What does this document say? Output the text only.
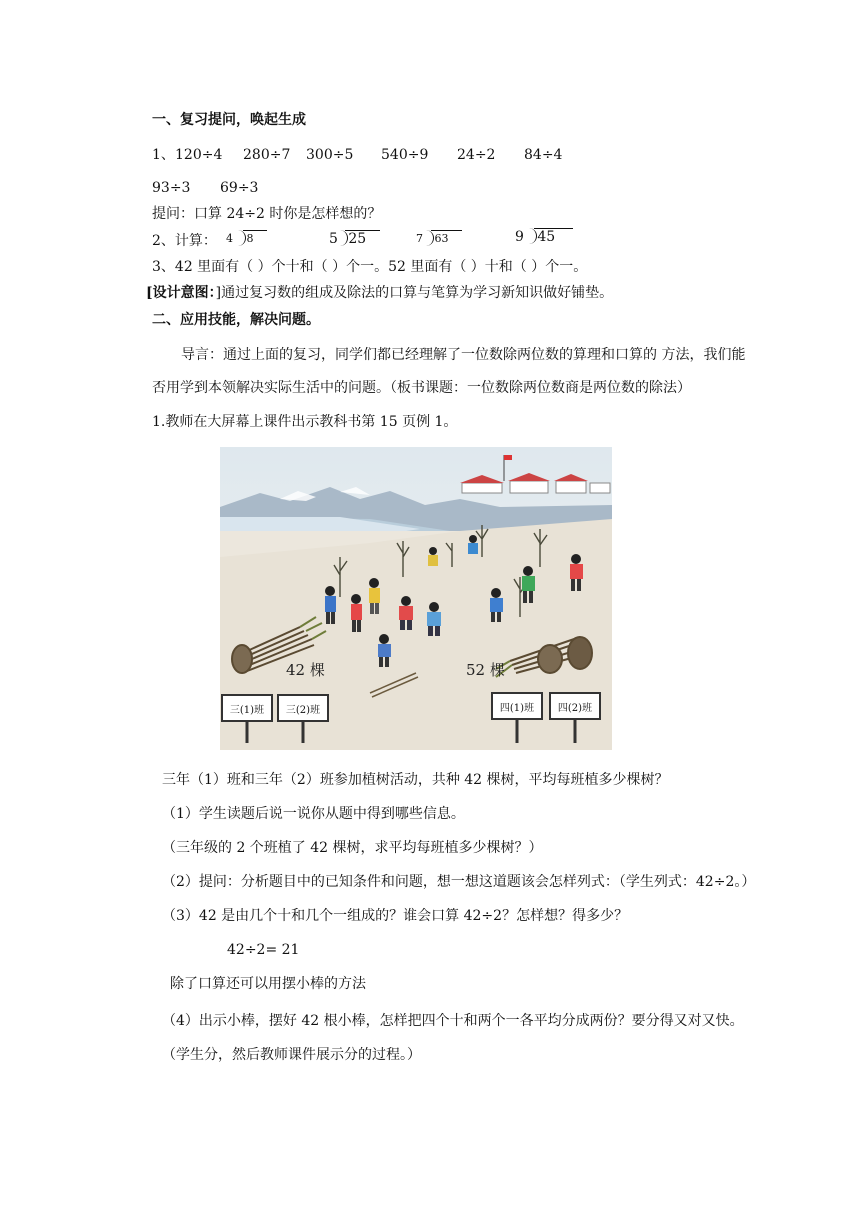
一、复习提问，唤起生成
1、 120÷4 280÷7 300÷5 540÷9 24÷2 84÷4
93÷3 69÷3
提问：口算 24÷2 时你是怎样想的？
2、计算： 4 8	5 25	7 63	9 45
3、42 里面有（ ）个十和（ ）个一。52 里面有（ ）十和（ ）个一。
[设计意图：]通过复习数的组成及除法的口算与笔算为学习新知识做好铺垫。
二、应用技能，解决问题。
导言：通过上面的复习，同学们都已经理解了一位数除两位数的算理和口算的 方法，我们能
否用学到本领解决实际生活中的问题。（板书课题：一位数除两位数商是两位数的除法）
1.教师在大屏幕上课件出示教科书第 15 页例 1。
42 棵	52 棵
三(1)班 三(2)班	四(1)班 四(2)班
三年（1）班和三年（2）班参加植树活动，共种 42 棵树，平均每班植多少棵树？
（1）学生读题后说一说你从题中得到哪些信息。
（三年级的 2 个班植了 42 棵树，求平均每班植多少棵树？）
（2）提问：分析题目中的已知条件和问题，想一想这道题该会怎样列式：（学生列式：42÷2。）
（3）42 是由几个十和几个一组成的？谁会口算 42÷2？怎样想？得多少？
42÷2= 21
除了口算还可以用摆小棒的方法
（4）出示小棒，摆好 42 根小棒，怎样把四个十和两个一各平均分成两份？要分得又对又快。
（学生分，然后教师课件展示分的过程。）
